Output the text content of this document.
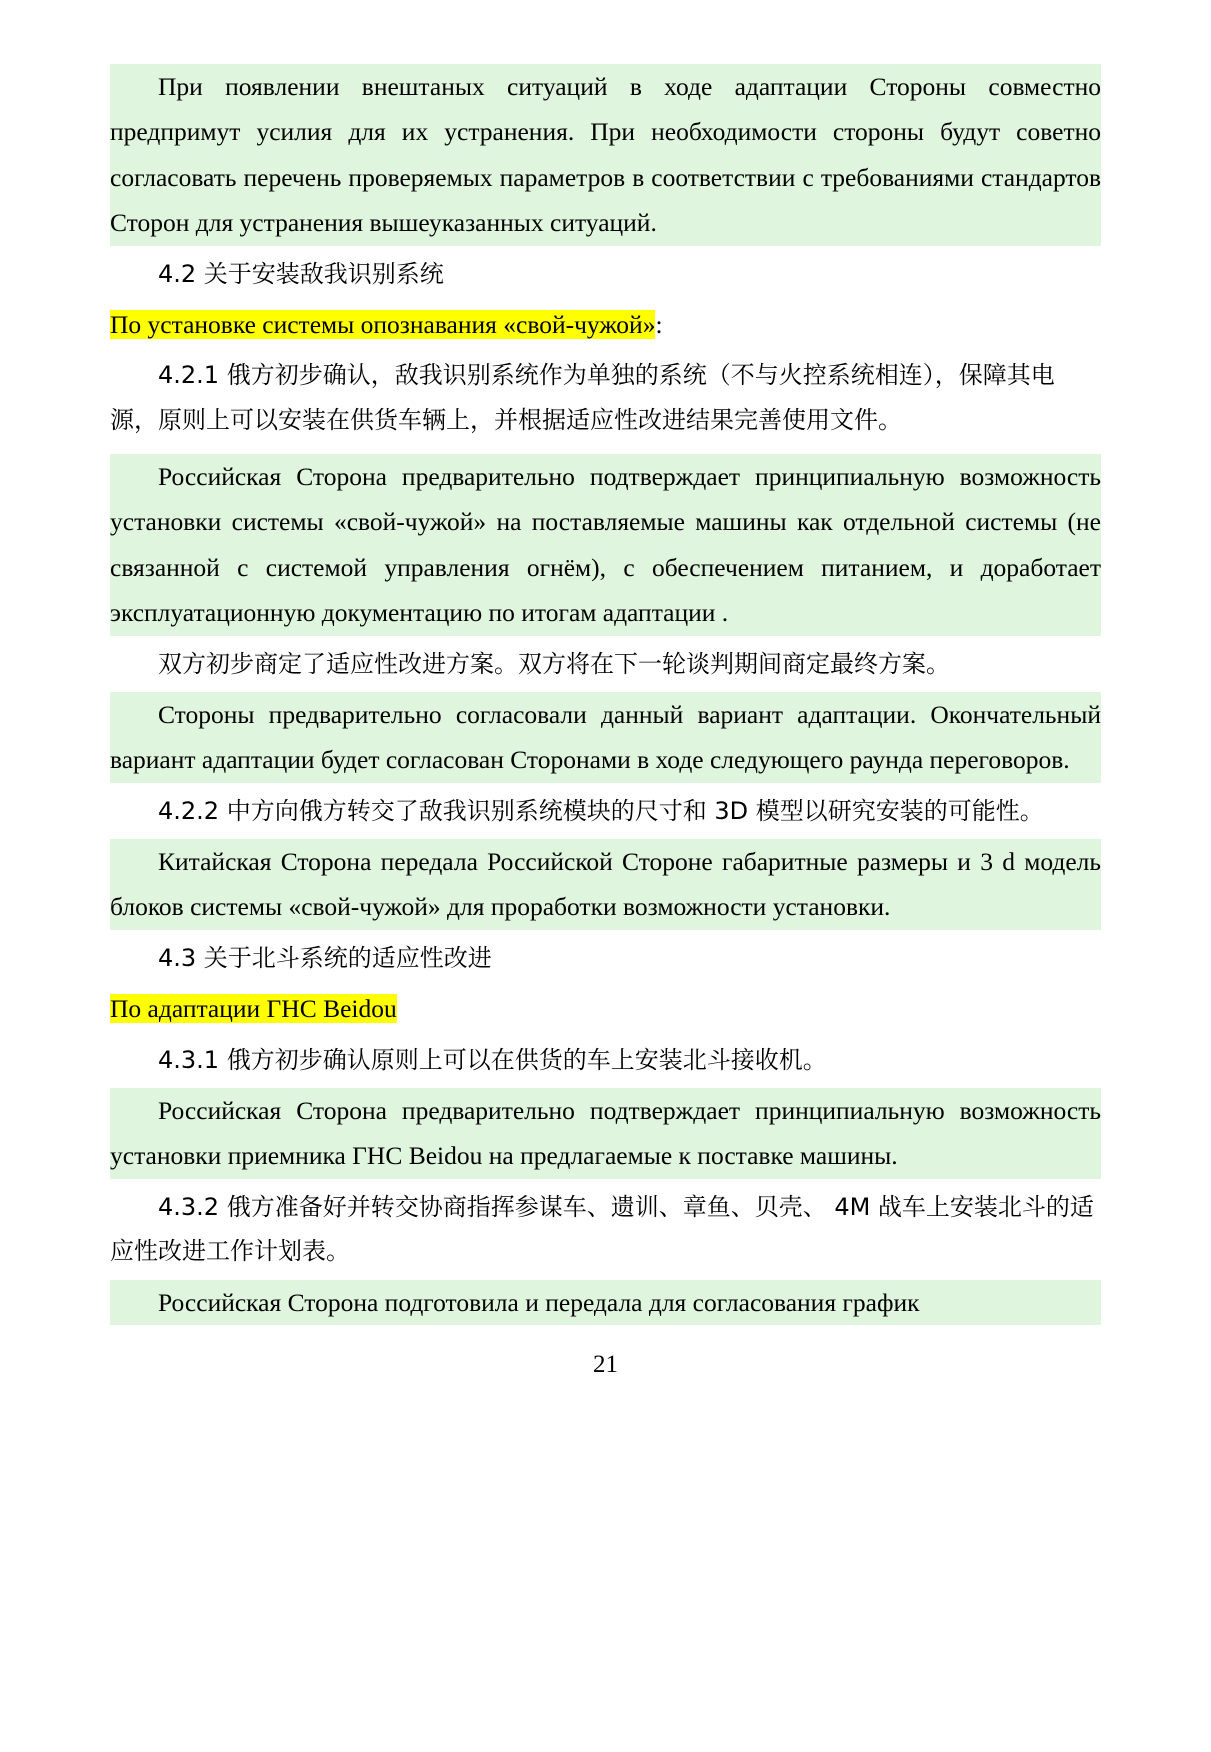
При появлении внештаных ситуаций в ходе адаптации Стороны совместно предпримут усилия для их устранения. При необходимости стороны будут советно согласовать перечень проверяемых параметров в соответствии с требованиями стандартов Сторон для устранения вышеуказанных ситуаций.

4.2 关于安装敌我识别系统

По установке системы опознавания «свой-чужой»:

4.2.1 俄方初步确认，敌我识别系统作为单独的系统（不与火控系统相连），保障其电源，原则上可以安装在供货车辆上，并根据适应性改进结果完善使用文件。

Российская Сторона предварительно подтверждает принципиальную возможность установки системы «свой-чужой» на поставляемые машины как отдельной системы (не связанной с системой управления огнём), с обеспечением питанием, и доработает эксплуатационную документацию по итогам адаптации .

双方初步商定了适应性改进方案。双方将在下一轮谈判期间商定最终方案。

Стороны предварительно согласовали данный вариант адаптации. Окончательный вариант адаптации будет согласован Сторонами в ходе следующего раунда переговоров.

4.2.2 中方向俄方转交了敌我识别系统模块的尺寸和 3D 模型以研究安装的可能性。

Китайская Сторона передала Российской Стороне габаритные размеры и 3 d модель блоков системы «свой-чужой» для проработки возможности установки.

4.3 关于北斗系统的适应性改进

По адаптации ГНС Beidou

4.3.1 俄方初步确认原则上可以在供货的车上安装北斗接收机。

Российская Сторона предварительно подтверждает принципиальную возможность установки приемника ГНС Beidou на предлагаемые к поставке машины.

4.3.2 俄方准备好并转交协商指挥参谋车、遗训、章鱼、贝壳、 4M 战车上安装北斗的适应性改进工作计划表。

Российская Сторона подготовила и передала для согласования график

21
